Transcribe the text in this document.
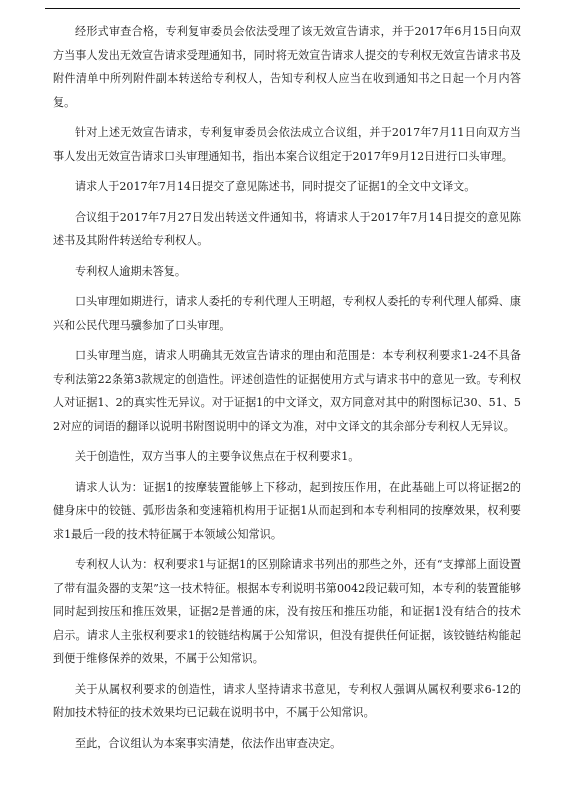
经形式审查合格，专利复审委员会依法受理了该无效宣告请求，并于2017年6月15日向双方当事人发出无效宣告请求受理通知书，同时将无效宣告请求人提交的专利权无效宣告请求书及附件清单中所列附件副本转送给专利权人，告知专利权人应当在收到通知书之日起一个月内答复。

针对上述无效宣告请求，专利复审委员会依法成立合议组，并于2017年7月11日向双方当事人发出无效宣告请求口头审理通知书，指出本案合议组定于2017年9月12日进行口头审理。

请求人于2017年7月14日提交了意见陈述书，同时提交了证据1的全文中文译文。

合议组于2017年7月27日发出转送文件通知书，将请求人于2017年7月14日提交的意见陈述书及其附件转送给专利权人。

专利权人逾期未答复。

口头审理如期进行，请求人委托的专利代理人王明超，专利权人委托的专利代理人郁舜、康兴和公民代理马骥参加了口头审理。

口头审理当庭，请求人明确其无效宣告请求的理由和范围是：本专利权利要求1-24不具备专利法第22条第3款规定的创造性。评述创造性的证据使用方式与请求书中的意见一致。专利权人对证据1、2的真实性无异议。对于证据1的中文译文，双方同意对其中的附图标记30、51、52对应的词语的翻译以说明书附图说明中的译文为准，对中文译文的其余部分专利权人无异议。

关于创造性，双方当事人的主要争议焦点在于权利要求1。

请求人认为：证据1的按摩装置能够上下移动，起到按压作用，在此基础上可以将证据2的健身床中的铰链、弧形齿条和变速箱机构用于证据1从而起到和本专利相同的按摩效果，权利要求1最后一段的技术特征属于本领域公知常识。

专利权人认为：权利要求1与证据1的区别除请求书列出的那些之外，还有“支撑部上面设置了带有温灸器的支架”这一技术特征。根据本专利说明书第0042段记载可知，本专利的装置能够同时起到按压和推压效果，证据2是普通的床，没有按压和推压功能，和证据1没有结合的技术启示。请求人主张权利要求1的铰链结构属于公知常识，但没有提供任何证据，该铰链结构能起到便于维修保养的效果，不属于公知常识。

关于从属权利要求的创造性，请求人坚持请求书意见，专利权人强调从属权利要求6-12的附加技术特征的技术效果均已记载在说明书中，不属于公知常识。

至此，合议组认为本案事实清楚，依法作出审查决定。
